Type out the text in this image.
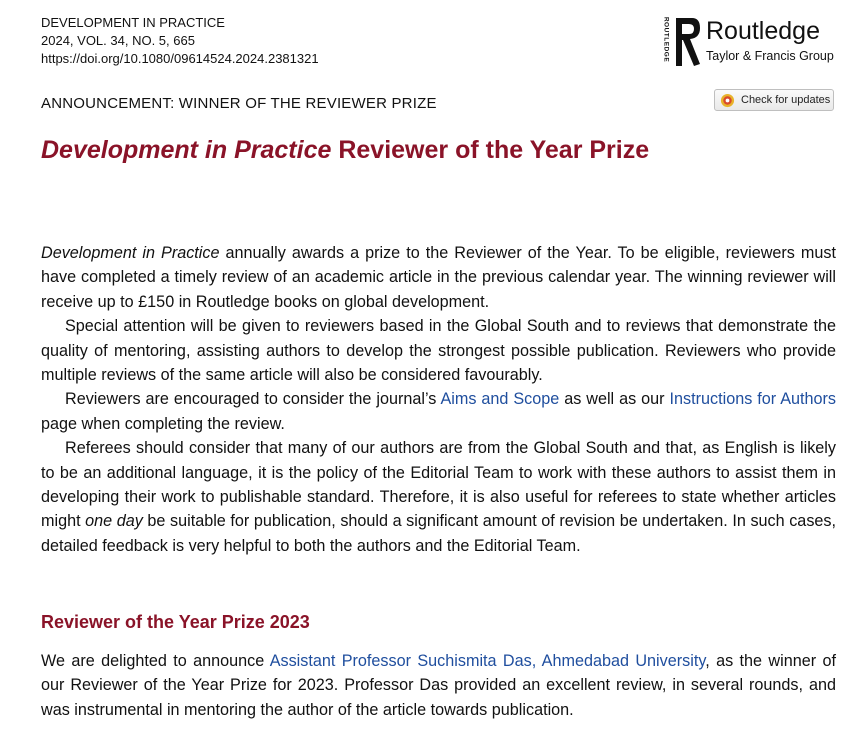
DEVELOPMENT IN PRACTICE
2024, VOL. 34, NO. 5, 665
https://doi.org/10.1080/09614524.2024.2381321	ROUTLEDGE Routledge
Taylor & Francis Group
ANNOUNCEMENT: WINNER OF THE REVIEWER PRIZE	Check for updates
Development in Practice Reviewer of the Year Prize

Development in Practice annually awards a prize to the Reviewer of the Year. To be eligible, reviewers must have completed a timely review of an academic article in the previous calendar year. The winning reviewer will receive up to £150 in Routledge books on global development.

Special attention will be given to reviewers based in the Global South and to reviews that demonstrate the quality of mentoring, assisting authors to develop the strongest possible publication. Reviewers who provide multiple reviews of the same article will also be considered favourably.

Reviewers are encouraged to consider the journal’s Aims and Scope as well as our Instructions for Authors page when completing the review.

Referees should consider that many of our authors are from the Global South and that, as English is likely to be an additional language, it is the policy of the Editorial Team to work with these authors to assist them in developing their work to publishable standard. Therefore, it is also useful for referees to state whether articles might one day be suitable for publication, should a significant amount of revision be undertaken. In such cases, detailed feedback is very helpful to both the authors and the Editorial Team.

Reviewer of the Year Prize 2023

We are delighted to announce Assistant Professor Suchismita Das, Ahmedabad University, as the winner of our Reviewer of the Year Prize for 2023. Professor Das provided an excellent review, in several rounds, and was instrumental in mentoring the author of the article towards publication.
